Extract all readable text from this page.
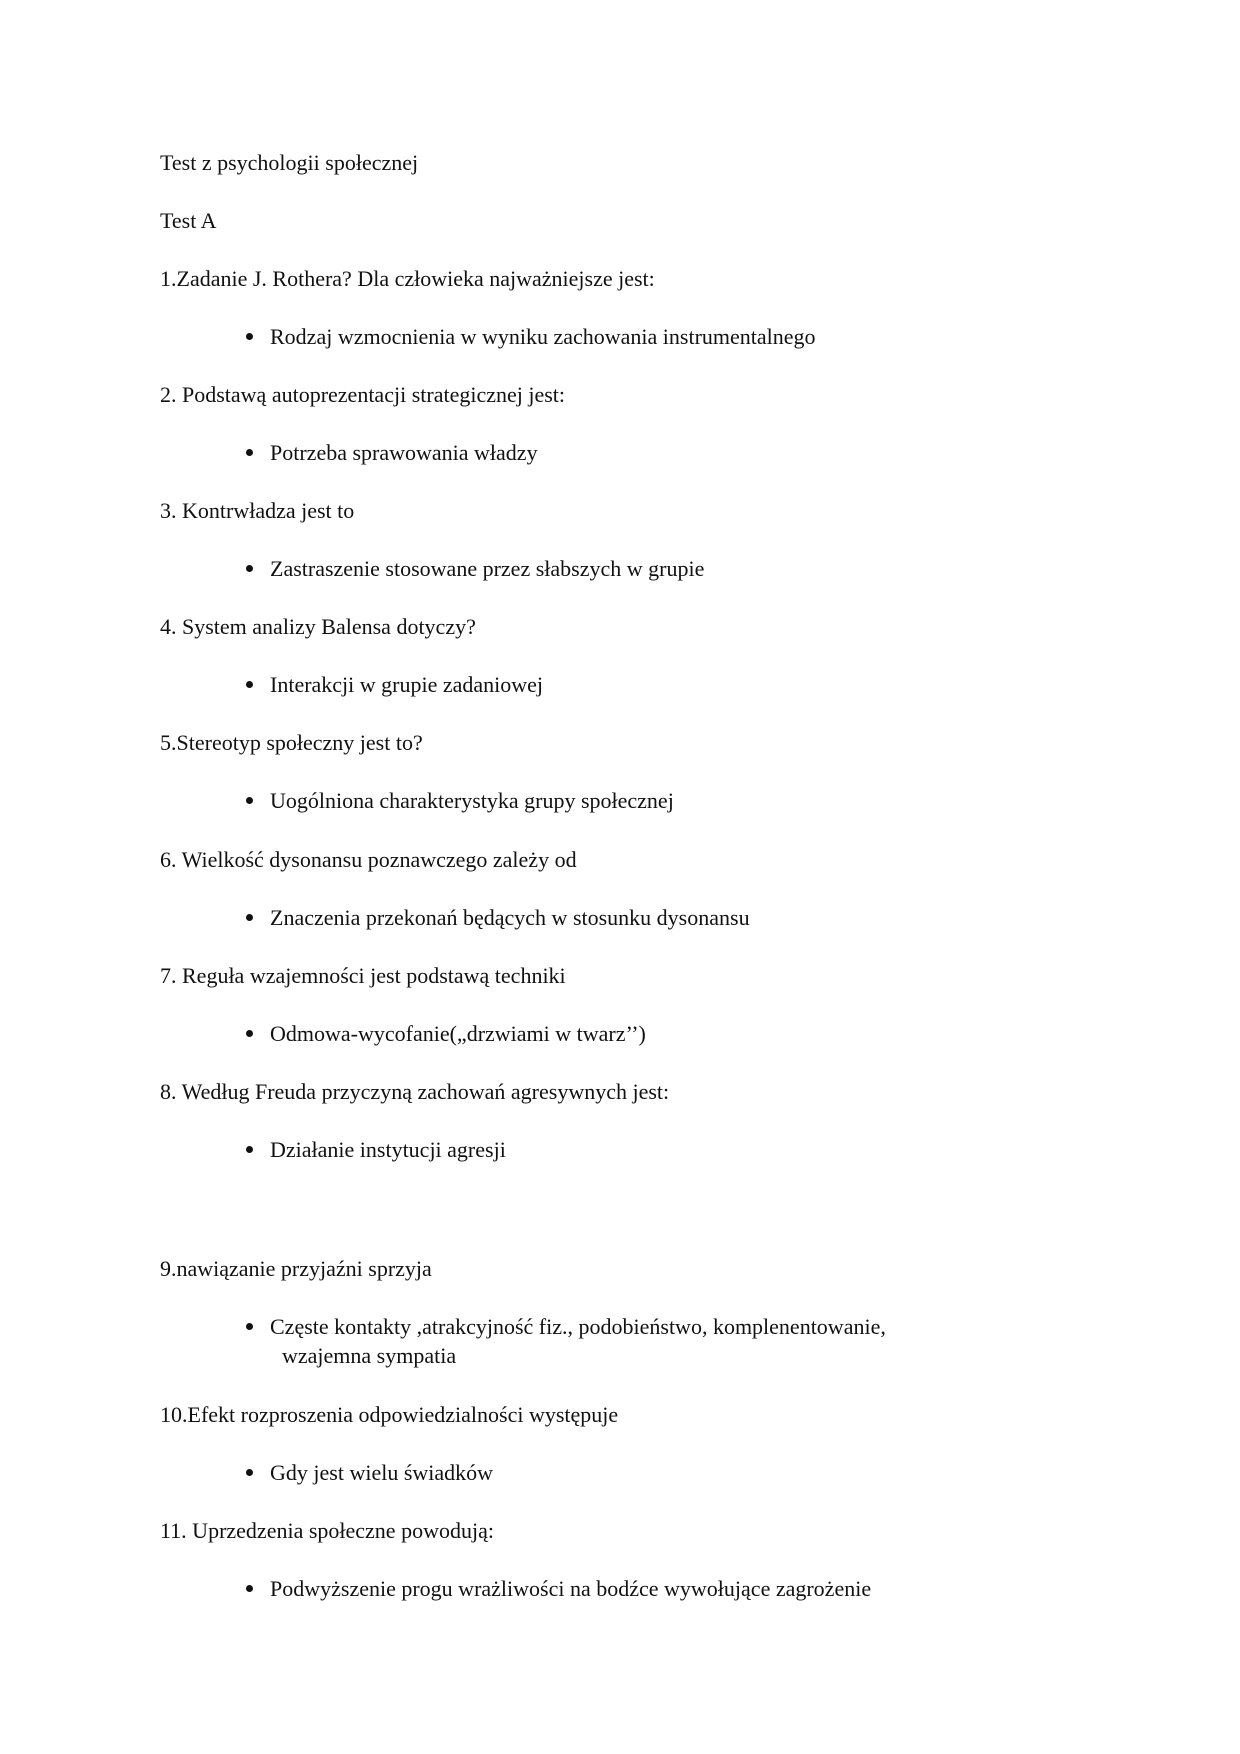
Test z psychologii społecznej
Test A
1.Zadanie J. Rothera? Dla człowieka najważniejsze jest:
Rodzaj wzmocnienia w wyniku zachowania instrumentalnego
2. Podstawą autoprezentacji strategicznej jest:
Potrzeba sprawowania władzy
3. Kontrwładza jest to
Zastraszenie stosowane przez słabszych w grupie
4. System analizy Balensa dotyczy?
Interakcji w grupie zadaniowej
5.Stereotyp społeczny jest to?
Uogólniona charakterystyka grupy społecznej
6. Wielkość dysonansu poznawczego zależy od
Znaczenia przekonań będących w stosunku dysonansu
7. Reguła wzajemności jest podstawą techniki
Odmowa-wycofanie(„drzwiami w twarz’’)
8. Według Freuda przyczyną zachowań agresywnych jest:
Działanie instytucji agresji
9.nawiązanie przyjaźni sprzyja
Częste kontakty ,atrakcyjność fiz., podobieństwo, komplenentowanie,
wzajemna sympatia
10.Efekt rozproszenia odpowiedzialności występuje
Gdy jest wielu świadków
11. Uprzedzenia społeczne powodują:
Podwyższenie progu wrażliwości na bodźce wywołujące zagrożenie
